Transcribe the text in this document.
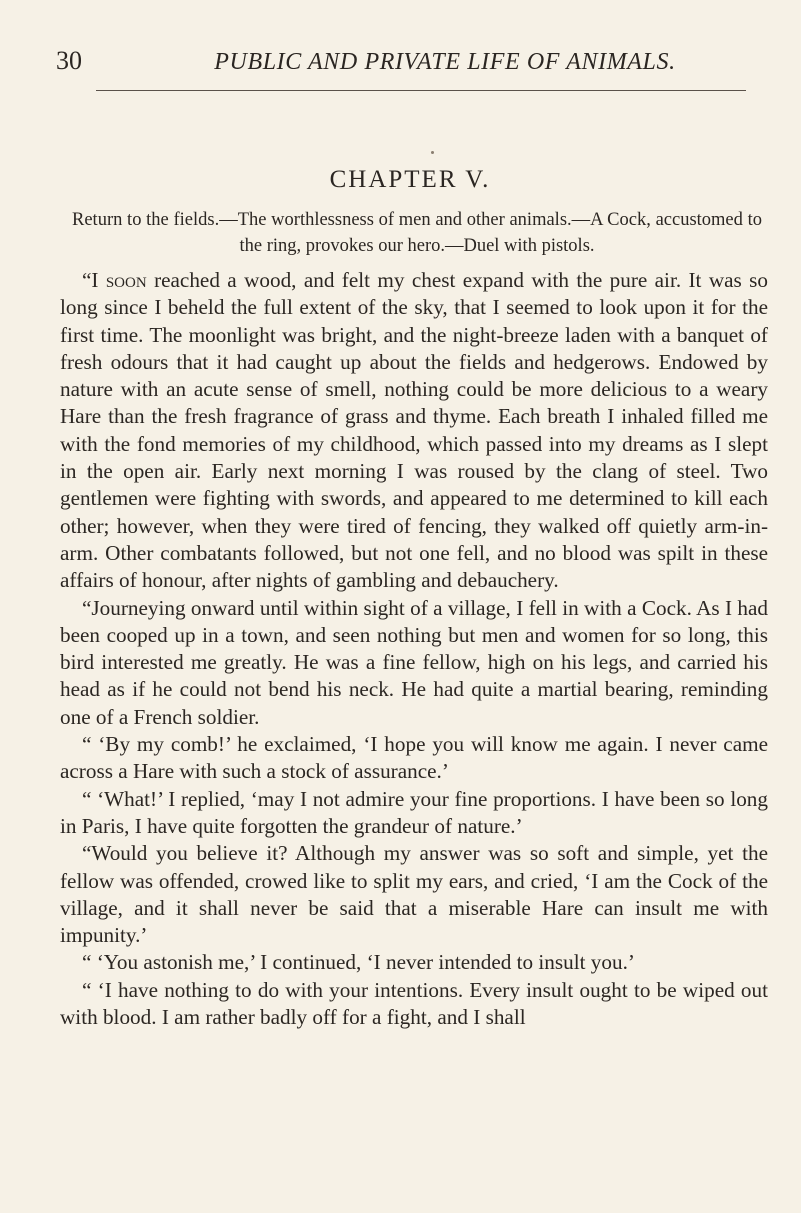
30	PUBLIC AND PRIVATE LIFE OF ANIMALS.
CHAPTER V.
Return to the fields.—The worthlessness of men and other animals.—A Cock, accustomed to the ring, provokes our hero.—Duel with pistols.

“I soon reached a wood, and felt my chest expand with the pure air. It was so long since I beheld the full extent of the sky, that I seemed to look upon it for the first time. The moonlight was bright, and the night-breeze laden with a banquet of fresh odours that it had caught up about the fields and hedgerows. Endowed by nature with an acute sense of smell, nothing could be more delicious to a weary Hare than the fresh fragrance of grass and thyme. Each breath I inhaled filled me with the fond memories of my childhood, which passed into my dreams as I slept in the open air. Early next morning I was roused by the clang of steel. Two gentlemen were fighting with swords, and appeared to me determined to kill each other; however, when they were tired of fencing, they walked off quietly arm-in-arm. Other combatants followed, but not one fell, and no blood was spilt in these affairs of honour, after nights of gambling and debauchery.

“Journeying onward until within sight of a village, I fell in with a Cock. As I had been cooped up in a town, and seen nothing but men and women for so long, this bird interested me greatly. He was a fine fellow, high on his legs, and carried his head as if he could not bend his neck. He had quite a martial bearing, reminding one of a French soldier.

“ ‘By my comb!’ he exclaimed, ‘I hope you will know me again. I never came across a Hare with such a stock of assurance.’

“ ‘What!’ I replied, ‘may I not admire your fine proportions. I have been so long in Paris, I have quite forgotten the grandeur of nature.’

“Would you believe it? Although my answer was so soft and simple, yet the fellow was offended, crowed like to split my ears, and cried, ‘I am the Cock of the village, and it shall never be said that a miserable Hare can insult me with impunity.’

“ ‘You astonish me,’ I continued, ‘I never intended to insult you.’

“ ‘I have nothing to do with your intentions. Every insult ought to be wiped out with blood. I am rather badly off for a fight, and I shall
